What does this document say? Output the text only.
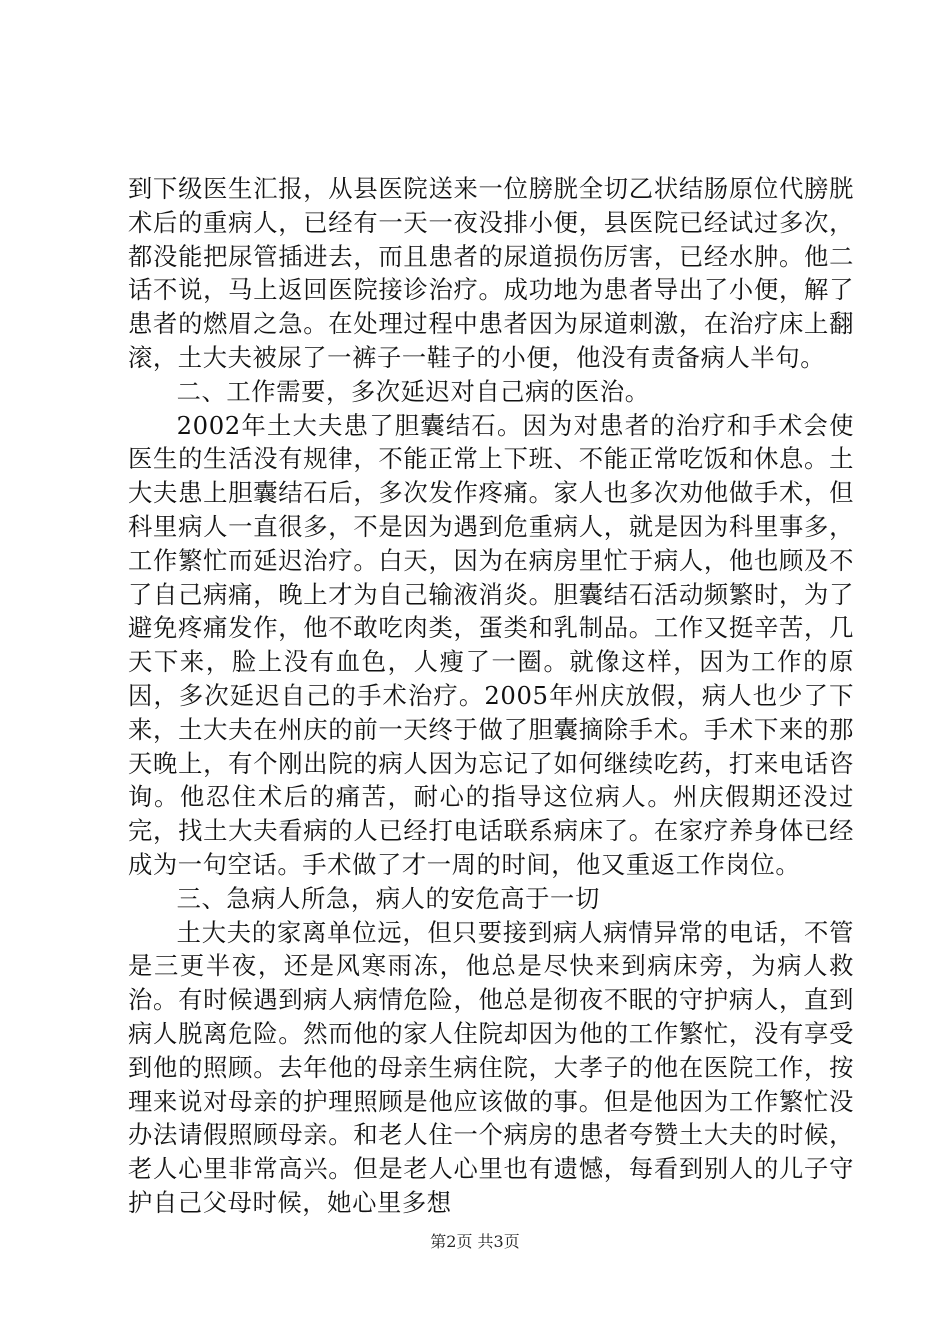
到下级医生汇报，从县医院送来一位膀胱全切乙状结肠原位代膀胱术后的重病人，已经有一天一夜没排小便，县医院已经试过多次，都没能把尿管插进去，而且患者的尿道损伤厉害，已经水肿。他二话不说，马上返回医院接诊治疗。成功地为患者导出了小便，解了患者的燃眉之急。在处理过程中患者因为尿道刺激，在治疗床上翻滚，土大夫被尿了一裤子一鞋子的小便，他没有责备病人半句。

二、工作需要，多次延迟对自己病的医治。

2002年土大夫患了胆囊结石。因为对患者的治疗和手术会使医生的生活没有规律，不能正常上下班、不能正常吃饭和休息。土大夫患上胆囊结石后，多次发作疼痛。家人也多次劝他做手术，但科里病人一直很多，不是因为遇到危重病人，就是因为科里事多，工作繁忙而延迟治疗。白天，因为在病房里忙于病人，他也顾及不了自己病痛，晚上才为自己输液消炎。胆囊结石活动频繁时，为了避免疼痛发作，他不敢吃肉类，蛋类和乳制品。工作又挺辛苦，几天下来，脸上没有血色，人瘦了一圈。就像这样，因为工作的原因，多次延迟自己的手术治疗。2005年州庆放假，病人也少了下来，土大夫在州庆的前一天终于做了胆囊摘除手术。手术下来的那天晚上，有个刚出院的病人因为忘记了如何继续吃药，打来电话咨询。他忍住术后的痛苦，耐心的指导这位病人。州庆假期还没过完，找土大夫看病的人已经打电话联系病床了。在家疗养身体已经成为一句空话。手术做了才一周的时间，他又重返工作岗位。

三、急病人所急，病人的安危高于一切

土大夫的家离单位远，但只要接到病人病情异常的电话，不管是三更半夜，还是风寒雨冻，他总是尽快来到病床旁，为病人救治。有时候遇到病人病情危险，他总是彻夜不眠的守护病人，直到病人脱离危险。然而他的家人住院却因为他的工作繁忙，没有享受到他的照顾。去年他的母亲生病住院，大孝子的他在医院工作，按理来说对母亲的护理照顾是他应该做的事。但是他因为工作繁忙没办法请假照顾母亲。和老人住一个病房的患者夸赞土大夫的时候，老人心里非常高兴。但是老人心里也有遗憾，每看到别人的儿子守护自己父母时候，她心里多想

第2页 共3页
